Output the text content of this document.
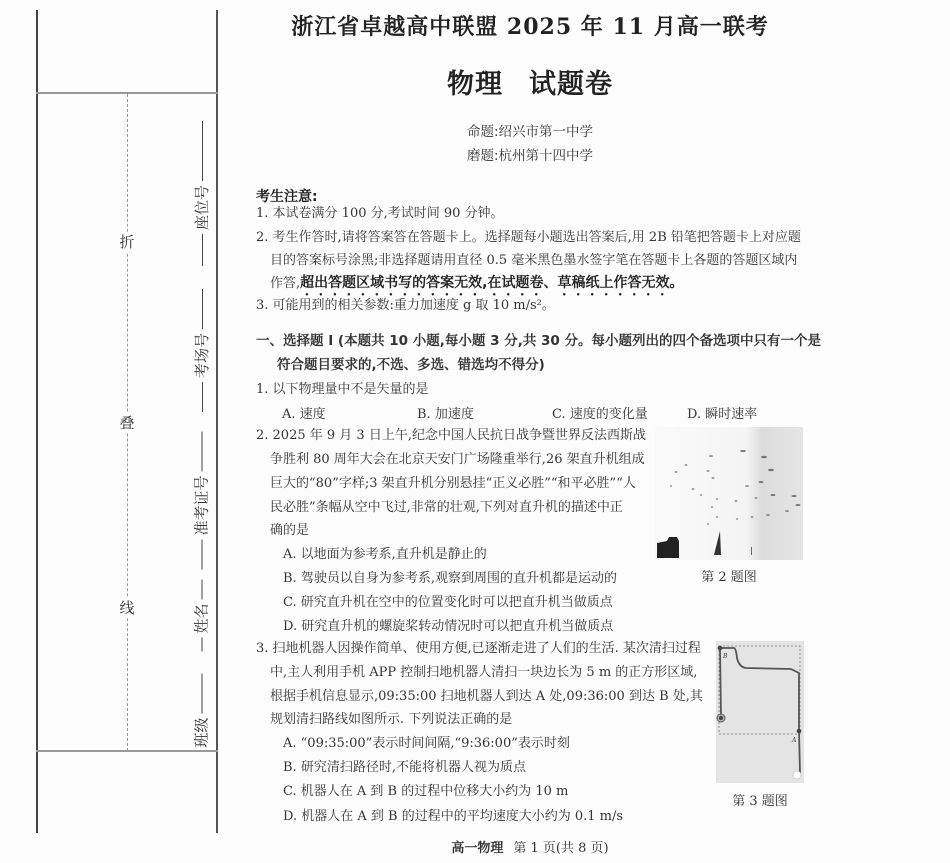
折
叠
线
座位号
考场号
准考证号
姓名
班级
浙江省卓越高中联盟 2025 年 11 月高一联考
物理 试题卷
命题:绍兴市第一中学
磨题:杭州第十四中学
考生注意:
1. 本试卷满分 100 分,考试时间 90 分钟。
2. 考生作答时,请将答案答在答题卡上。选择题每小题选出答案后,用 2B 铅笔把答题卡上对应题
目的答案标号涂黑;非选择题请用直径 0.5 毫米黑色墨水签字笔在答题卡上各题的答题区域内
作答,超出答题区域书写的答案无效,在试题卷、草稿纸上作答无效。
3. 可能用到的相关参数:重力加速度 g 取 10 m/s²。
一、选择题 Ⅰ (本题共 10 小题,每小题 3 分,共 30 分。每小题列出的四个备选项中只有一个是
符合题目要求的,不选、多选、错选均不得分)
1. 以下物理量中不是矢量的是
A. 速度	B. 加速度	C. 速度的变化量	D. 瞬时速率
2. 2025 年 9 月 3 日上午,纪念中国人民抗日战争暨世界反法西斯战
争胜利 80 周年大会在北京天安门广场隆重举行,26 架直升机组成
巨大的“80”字样;3 架直升机分别悬挂“正义必胜”“和平必胜”“人
民必胜”条幅从空中飞过,非常的壮观,下列对直升机的描述中正
确的是
A. 以地面为参考系,直升机是静止的
B. 驾驶员以自身为参考系,观察到周围的直升机都是运动的
C. 研究直升机在空中的位置变化时可以把直升机当做质点
D. 研究直升机的螺旋桨转动情况时可以把直升机当做质点
第 2 题图
3. 扫地机器人因操作简单、使用方便,已逐渐走进了人们的生活. 某次清扫过程
中,主人利用手机 APP 控制扫地机器人清扫一块边长为 5 m 的正方形区域,
根据手机信息显示,09:35:00 扫地机器人到达 A 处,09:36:00 到达 B 处,其
规划清扫路线如图所示. 下列说法正确的是
A. “09:35:00”表示时间间隔,“9:36:00”表示时刻
B. 研究清扫路径时,不能将机器人视为质点
C. 机器人在 A 到 B 的过程中位移大小约为 10 m
D. 机器人在 A 到 B 的过程中的平均速度大小约为 0.1 m/s
B
A
第 3 题图
高一物理 第 1 页(共 8 页)
